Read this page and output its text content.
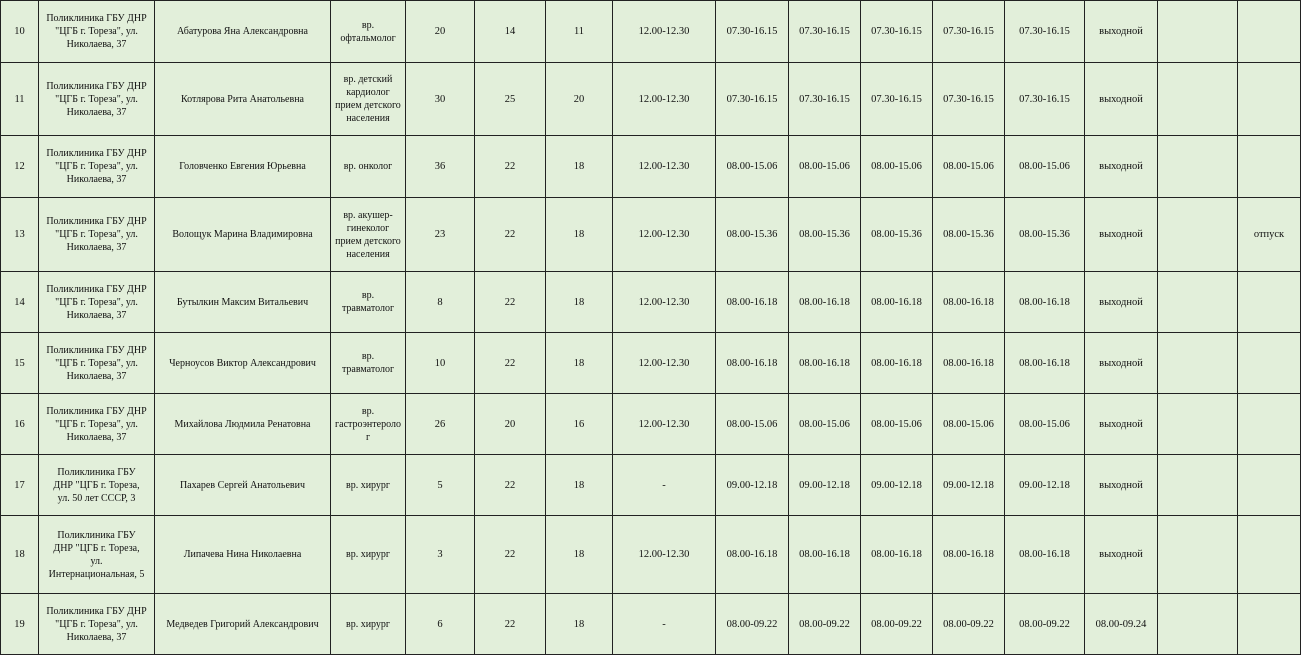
10	Поликлиника ГБУ ДНР
"ЦГБ г. Тореза", ул.
Николаева, 37	Абатурова Яна Александровна	вр.
офтальмолог	20	14	11	12.00-12.30	07.30-16.15	07.30-16.15	07.30-16.15	07.30-16.15	07.30-16.15	выходной		
11	Поликлиника ГБУ ДНР
"ЦГБ г. Тореза", ул.
Николаева, 37	Котлярова Рита Анатольевна	вр. детский
кардиолог
прием детского
населения	30	25	20	12.00-12.30	07.30-16.15	07.30-16.15	07.30-16.15	07.30-16.15	07.30-16.15	выходной		
12	Поликлиника ГБУ ДНР
"ЦГБ г. Тореза", ул.
Николаева, 37	Головченко Евгения Юрьевна	вр. онколог	36	22	18	12.00-12.30	08.00-15.06	08.00-15.06	08.00-15.06	08.00-15.06	08.00-15.06	выходной		
13	Поликлиника ГБУ ДНР
"ЦГБ г. Тореза", ул.
Николаева, 37	Волощук Марина Владимировна	вр. акушер-
гинеколог
прием детского
населения	23	22	18	12.00-12.30	08.00-15.36	08.00-15.36	08.00-15.36	08.00-15.36	08.00-15.36	выходной		отпуск
14	Поликлиника ГБУ ДНР
"ЦГБ г. Тореза", ул.
Николаева, 37	Бутылкин Максим Витальевич	вр.
травматолог	8	22	18	12.00-12.30	08.00-16.18	08.00-16.18	08.00-16.18	08.00-16.18	08.00-16.18	выходной		
15	Поликлиника ГБУ ДНР
"ЦГБ г. Тореза", ул.
Николаева, 37	Черноусов Виктор Александрович	вр.
травматолог	10	22	18	12.00-12.30	08.00-16.18	08.00-16.18	08.00-16.18	08.00-16.18	08.00-16.18	выходной		
16	Поликлиника ГБУ ДНР
"ЦГБ г. Тореза", ул.
Николаева, 37	Михайлова Людмила Ренатовна	вр.
гастроэнтероло
г	26	20	16	12.00-12.30	08.00-15.06	08.00-15.06	08.00-15.06	08.00-15.06	08.00-15.06	выходной		
17	Поликлиника ГБУ
ДНР "ЦГБ г. Тореза,
ул. 50 лет СССР, 3	Пахарев Сергей Анатольевич	вр. хирург	5	22	18	-	09.00-12.18	09.00-12.18	09.00-12.18	09.00-12.18	09.00-12.18	выходной		
18	Поликлиника ГБУ
ДНР "ЦГБ г. Тореза,
ул.
Интернациональная, 5	Липачева Нина Николаевна	вр. хирург	3	22	18	12.00-12.30	08.00-16.18	08.00-16.18	08.00-16.18	08.00-16.18	08.00-16.18	выходной		
19	Поликлиника ГБУ ДНР
"ЦГБ г. Тореза", ул.
Николаева, 37	Медведев Григорий Александрович	вр. хирург	6	22	18	-	08.00-09.22	08.00-09.22	08.00-09.22	08.00-09.22	08.00-09.22	08.00-09.24		
